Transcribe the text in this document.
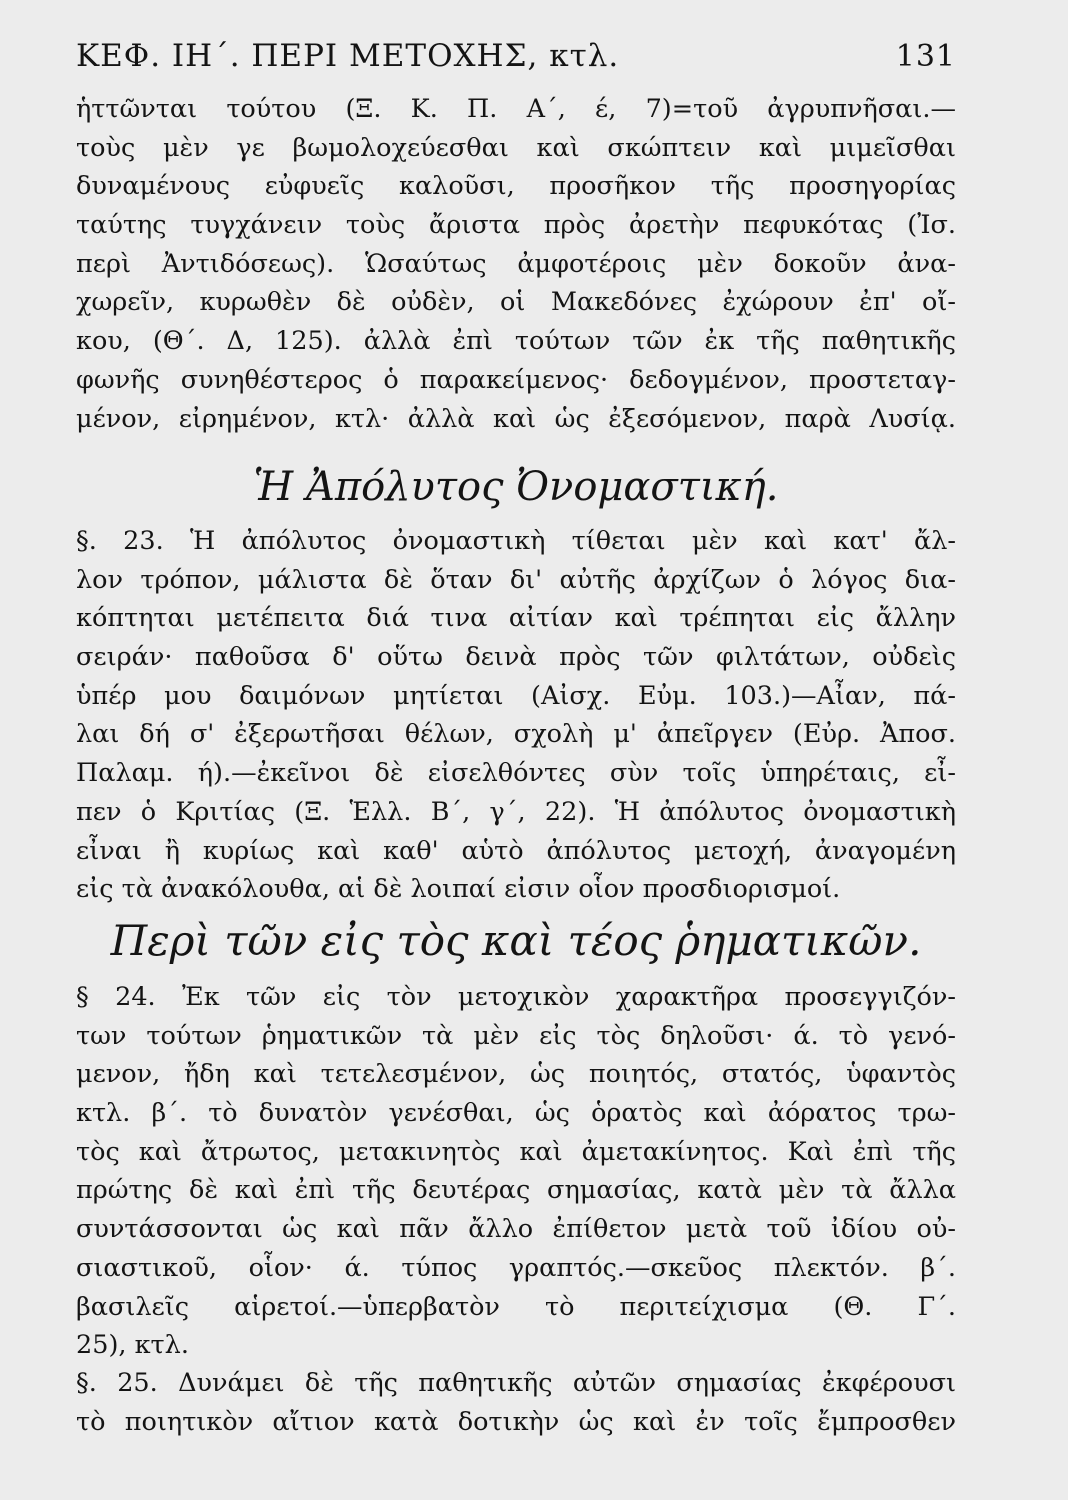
ΚΕΦ. ΙΗ΄. ΠΕΡΙ ΜΕΤΟΧΗΣ, κτλ.	131
ἡττῶνται τούτου (Ξ. Κ. Π. Α΄, έ, 7)=τοῦ ἀγρυπνῆσαι.—
τοὺς μὲν γε βωμολοχεύεσθαι καὶ σκώπτειν καὶ μιμεῖσθαι
δυναμένους εὐφυεῖς καλοῦσι, προσῆκον τῆς προσηγορίας
ταύτης τυγχάνειν τοὺς ἄριστα πρὸς ἀρετὴν πεφυκότας (Ἰσ.
περὶ Ἀντιδόσεως). Ὡσαύτως ἀμφοτέροις μὲν δοκοῦν ἀνα-
χωρεῖν, κυρωθὲν δὲ οὐδὲν, οἱ Μακεδόνες ἐχώρουν ἐπ' οἴ-
κου, (Θ΄. Δ, 125). ἀλλὰ ἐπὶ τούτων τῶν ἐκ τῆς παθητικῆς
φωνῆς συνηθέστερος ὁ παρακείμενος· δεδογμένον, προστεταγ-
μένον, εἰρημένον, κτλ· ἀλλὰ καὶ ὡς ἐξεσόμενον, παρὰ Λυσίᾳ.
Ἡ Ἀπόλυτος Ὀνομαστική.
§. 23. Ἡ ἀπόλυτος ὀνομαστικὴ τίθεται μὲν καὶ κατ' ἄλ-
λον τρόπον, μάλιστα δὲ ὅταν δι' αὐτῆς ἀρχίζων ὁ λόγος δια-
κόπτηται μετέπειτα διά τινα αἰτίαν καὶ τρέπηται εἰς ἄλλην
σειράν· παθοῦσα δ' οὕτω δεινὰ πρὸς τῶν φιλτάτων, οὐδεὶς
ὑπέρ μου δαιμόνων μητίεται (Αἰσχ. Εὐμ. 103.)—Αἶαν, πά-
λαι δή σ' ἐξερωτῆσαι θέλων, σχολὴ μ' ἀπεῖργεν (Εὐρ. Ἀποσ.
Παλαμ. ή).—ἐκεῖνοι δὲ εἰσελθόντες σὺν τοῖς ὑπηρέταις, εἶ-
πεν ὁ Κριτίας (Ξ. Ἑλλ. Β΄, γ΄, 22). Ἡ ἀπόλυτος ὀνομαστικὴ
εἶναι ἢ κυρίως καὶ καθ' αὑτὸ ἀπόλυτος μετοχή, ἀναγομένη
εἰς τὰ ἀνακόλουθα, αἱ δὲ λοιπαί εἰσιν οἷον προσδιορισμοί.
Περὶ τῶν εἰς τὸς καὶ τέος ῥηματικῶν.
§ 24. Ἐκ τῶν εἰς τὸν μετοχικὸν χαρακτῆρα προσεγγιζόν-
των τούτων ῥηματικῶν τὰ μὲν εἰς τὸς δηλοῦσι· ά. τὸ γενό-
μενον, ἤδη καὶ τετελεσμένον, ὡς ποιητός, στατός, ὑφαντὸς
κτλ. β΄. τὸ δυνατὸν γενέσθαι, ὡς ὁρατὸς καὶ ἀόρατος τρω-
τὸς καὶ ἄτρωτος, μετακινητὸς καὶ ἀμετακίνητος. Καὶ ἐπὶ τῆς
πρώτης δὲ καὶ ἐπὶ τῆς δευτέρας σημασίας, κατὰ μὲν τὰ ἄλλα
συντάσσονται ὡς καὶ πᾶν ἄλλο ἐπίθετον μετὰ τοῦ ἰδίου οὐ-
σιαστικοῦ, οἷον· ά. τύπος γραπτός.—σκεῦος πλεκτόν. β΄.
βασιλεῖς αἱρετοί.—ὑπερβατὸν τὸ περιτείχισμα (Θ. Γ΄.
25), κτλ.
§. 25. Δυνάμει δὲ τῆς παθητικῆς αὐτῶν σημασίας ἐκφέρουσι
τὸ ποιητικὸν αἴτιον κατὰ δοτικὴν ὡς καὶ ἐν τοῖς ἔμπροσθεν
